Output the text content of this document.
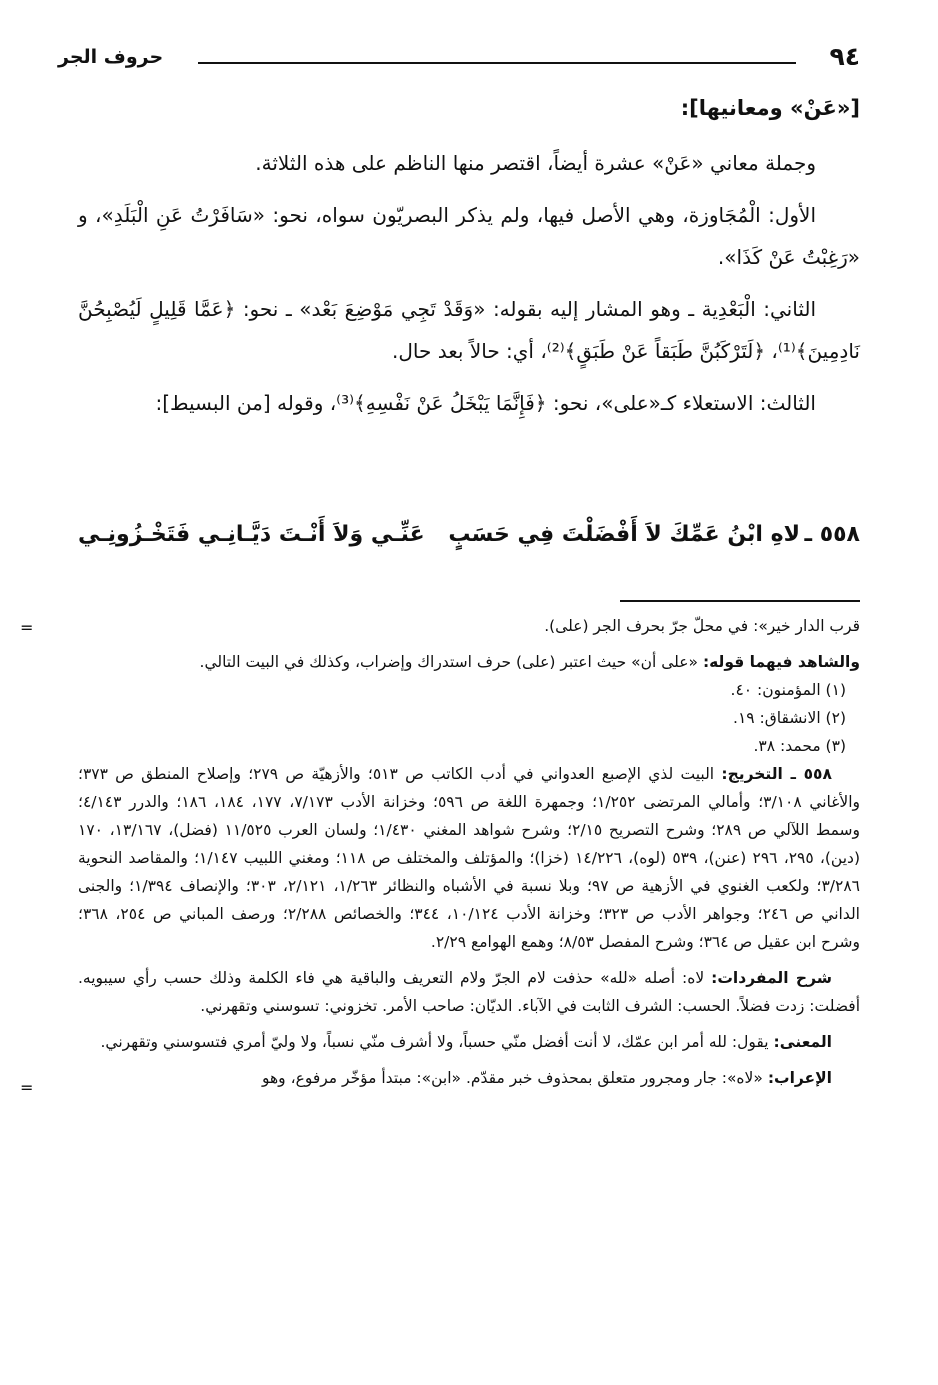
٩٤
حروف الجر

[«عَنْ» ومعانيها]:

وجملة معاني «عَنْ» عشرة أيضاً، اقتصر منها الناظم على هذه الثلاثة.

الأول: الْمُجَاوزة، وهي الأصل فيها، ولم يذكر البصريّون سواه، نحو: «سَافَرْتُ عَنِ الْبَلَدِ»، و «رَغِبْتُ عَنْ كَذَا».

الثاني: الْبَعْدِية ـ وهو المشار إليه بقوله: «وَقَدْ تَجِي مَوْضِعَ بَعْد» ـ نحو: ﴿عَمَّا قَلِيلٍ لَيُصْبِحُنَّ نَادِمِينَ﴾⁽¹⁾، ﴿لَتَرْكَبُنَّ طَبَقاً عَنْ طَبَقٍ﴾⁽²⁾، أي: حالاً بعد حال.

الثالث: الاستعلاء كـ«على»، نحو: ﴿فَإِنَّمَا يَبْخَلُ عَنْ نَفْسِهِ﴾⁽³⁾، وقوله [من البسيط]:

٥٥٨ ـ
لاهِ ابْنُ عَمِّكَ لاَ أَفْضَلْتَ فِي حَسَبٍ
عَنِّـي وَلاَ أَنْـتَ دَيَّـانِـي فَتَخْـزُونِـي
=	قرب الدار خير»: في محلّ جرّ بحرف الجر (على).

والشاهد فيهما قوله: «على أن» حيث اعتبر (على) حرف استدراك وإضراب، وكذلك في البيت التالي.

(١) المؤمنون: ٤٠.

(٢) الانشقاق: ١٩.

(٣) محمد: ٣٨.

٥٥٨ ـ التخريج: البيت لذي الإصبع العدواني في أدب الكاتب ص ٥١٣؛ والأزهيّة ص ٢٧٩؛ وإصلاح المنطق ص ٣٧٣؛ والأغاني ٣/١٠٨؛ وأمالي المرتضى ١/٢٥٢؛ وجمهرة اللغة ص ٥٩٦؛ وخزانة الأدب ٧/١٧٣، ١٧٧، ١٨٤، ١٨٦؛ والدرر ٤/١٤٣؛ وسمط اللآلي ص ٢٨٩؛ وشرح التصريح ٢/١٥؛ وشرح شواهد المغني ١/٤٣٠؛ ولسان العرب ١١/٥٢٥ (فضل)، ١٣/١٦٧، ١٧٠ (دين)، ٢٩٥، ٢٩٦ (عنن)، ٥٣٩ (لوه)، ١٤/٢٢٦ (خزا)؛ والمؤتلف والمختلف ص ١١٨؛ ومغني اللبيب ١/١٤٧؛ والمقاصد النحوية ٣/٢٨٦؛ ولكعب الغنوي في الأزهية ص ٩٧؛ وبلا نسبة في الأشباه والنظائر ١/٢٦٣، ٢/١٢١، ٣٠٣؛ والإنصاف ١/٣٩٤؛ والجنى الداني ص ٢٤٦؛ وجواهر الأدب ص ٣٢٣؛ وخزانة الأدب ١٠/١٢٤، ٣٤٤؛ والخصائص ٢/٢٨٨؛ ورصف المباني ص ٢٥٤، ٣٦٨؛ وشرح ابن عقيل ص ٣٦٤؛ وشرح المفصل ٨/٥٣؛ وهمع الهوامع ٢/٢٩.

شرح المفردات: لاه: أصله «لله» حذفت لام الجرّ ولام التعريف والباقية هي فاء الكلمة وذلك حسب رأي سيبويه. أفضلت: زدت فضلاً. الحسب: الشرف الثابت في الآباء. الديّان: صاحب الأمر. تخزوني: تسوسني وتقهرني.

المعنى: يقول: لله أمر ابن عمّك، لا أنت أفضل منّي حسباً، ولا أشرف منّي نسباً، ولا وليّ أمري فتسوسني وتقهرني.

الإعراب: «لاه»: جار ومجرور متعلق بمحذوف خبر مقدّم. «ابن»: مبتدأ مؤخّر مرفوع، وهو

=
